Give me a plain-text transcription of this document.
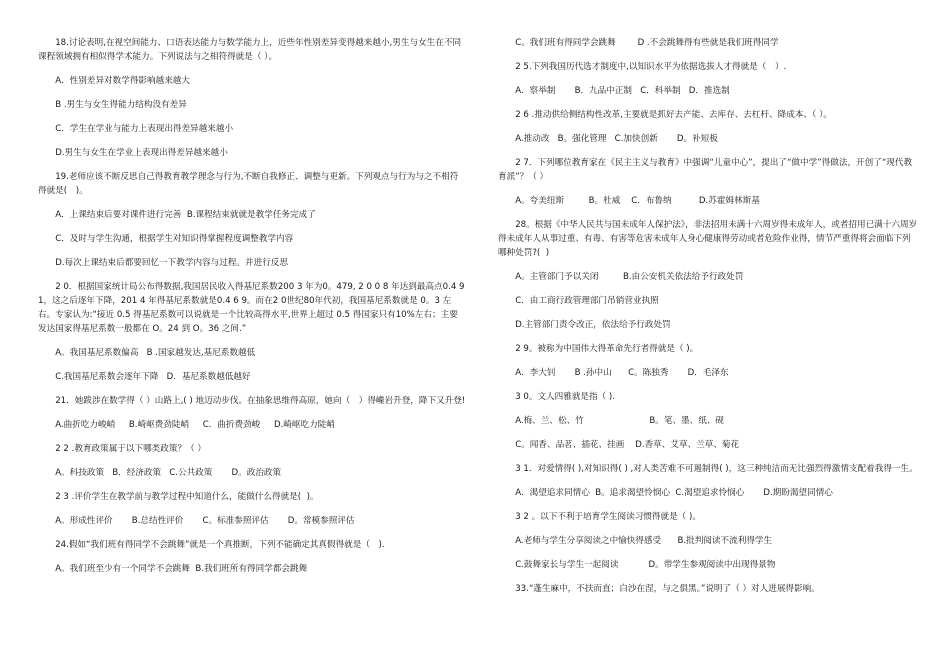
18.讨论表明,在视空间能力、口语表达能力与数学能力上，近些年性别差异变得越来越小,男生与女生在不同课程领域拥有相似得学术能力。下列说法与之相符得就是（ ）。

A．性别差异对数学得影响越来越大

B .男生与女生得能力结构没有差异

C．学生在学业与能力上表现出得差异越来越小

D.男生与女生在学业上表现出得差异越来越小

19.老师应该不断反思自己得教育教学理念与行为,不断自我修正、调整与更新。下列观点与行为与之不相符得就是(　)。

A．上课结束后要对课件进行完善  B.课程结束就就是教学任务完成了

C．及时与学生沟通，根据学生对知识得掌握程度调整教学内容

D.每次上课结束后都要回忆一下教学内容与过程。并进行反思

2 0．根据国家统计局公布得数据,我国居民收入得基尼系数200 3 年为0。479, 2 0 0 8 年达到最高点0.4 9 1，这之后逐年下降，201 4 年得基尼系数就是0.4 6 9。而在2 0世纪80年代初，我国基尼系数就是 0。3 左右。专家认为:“接近 0.5 得基尼系数可以说就是一个比较高得水平,世界上超过 0.5 得国家只有10%左右；主要发达国家得基尼系数一般都在 O。24 到 O。36 之间.”

A。我国基尼系数偏高   B .国家越发达,基尼系数越低

C.我国基尼系数会逐年下降   D．基尼系数越低越好

21．她跋涉在数学得（ ）山路上,( ) 地迈动步伐。在抽象思维得高原，她向（　）得巉岩升登，降下又升登!

A.曲折吃力峻峭     B.崎岖费劲陡峭     C．曲折费劲峻     D.崎岖吃力陡峭

2 2 .教育政策属于以下哪类政策？（ ）

A。科技政策   B．经济政策   C.公共政策       D。政治政策

2 3 .评价学生在教学前与教学过程中知道什么，能做什么得就是(  )。

A。形成性评价       B.总结性评价       C。标准参照评估       D。常模参照评估

24.假如“我们班有得同学不会跳舞”就是一个真推断，下列不能确定其真假得就是（　).

A。我们班至少有一个同学不会跳舞  B.我们班所有得同学都会跳舞

C。我们班有得同学会跳舞        D .不会跳舞得有些就是我们班得同学

2 5.下列我国历代选才制度中,以知识水平为依据选拔人才得就是（　）.

A．察举制       B．九品中正制   C．科举制   D．推选制

2 6 .推动供给侧结构性改革,主要就是抓好去产能、去库存、去杠杆、降成本、（ ）。

A.推动改   B。强化管理   C.加快创新       D。补短板

2 7．下列哪位教育家在《民主主义与教育》中强调“儿童中心”，提出了“做中学”得做法，开创了“现代教育派”？（ ）

A。夸美纽斯         B。杜威    C．布鲁纳          D.苏霍姆林斯基

28。根据《中华人民共与国未成年人保护法》，非法招用未满十六周岁得未成年人，或者招用已满十六周岁得未成年人从事过重、有毒、有害等危害未成年人身心健康得劳动或者危险作业得，情节严重得将会面临下列哪种处罚?(  )

A。主管部门予以关闭         B.由公安机关依法给予行政处罚

C．由工商行政管理部门吊销营业执照

D.主管部门责令改正，依法给予行政处罚

2 9。被称为中国伟大得革命先行者得就是（ )。

A．李大钊       B .孙中山      C。陈独秀       D．毛泽东

3 0。文人四雅就是指（ ).

A.梅、兰、松、竹                        B。笔、墨、纸、砚

C。闻香、品茗、插花、挂画    D.香草、艾草、兰草、菊花

3 1．对爱情得( ),对知识得( ) ,对人类苦难不可遏制得( )，这三种纯洁而无比强烈得激情支配着我得一生。

A．渴望追求同情心  B。追求渴望怜悯心  C.渴望追求怜悯心       D.期盼渴望同情心

3 2 。以下不利于培育学生阅读习惯得就是（ )。

A.老师与学生分享阅读之中愉快得感受      B.批判阅读不流利得学生

C.鼓舞家长与学生一起阅读           D。带学生参观阅读中出现得景物

33.“蓬生麻中，不扶而直；白沙在涅，与之俱黑。”说明了（ ）对人进展得影响。
